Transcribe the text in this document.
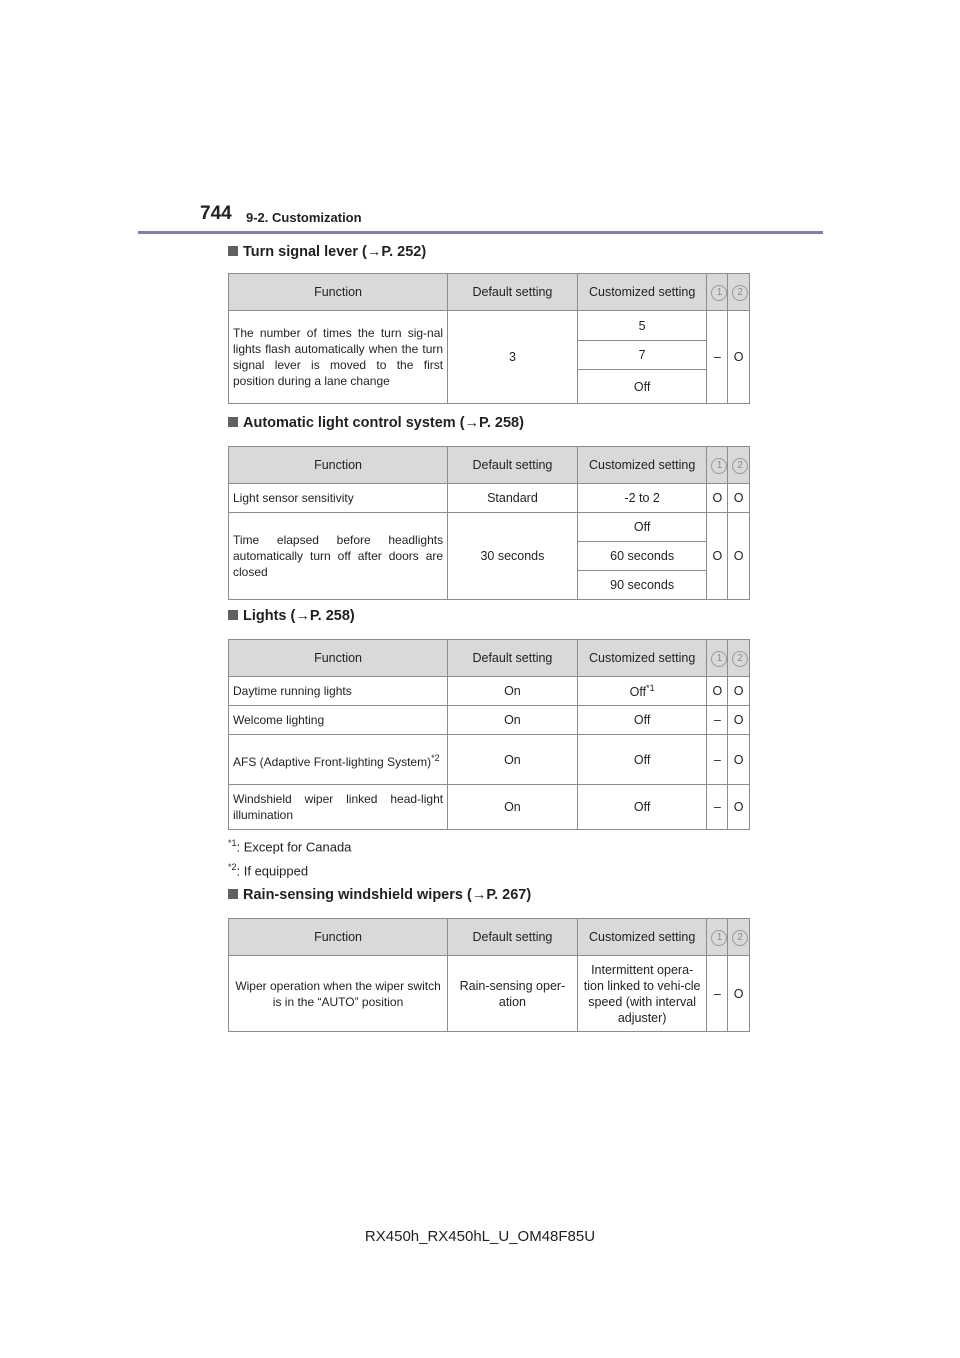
744 9-2. Customization
Turn signal lever (→P. 252)
Function	Default setting	Customized setting	1	2
The number of times the turn sig-nal lights flash automatically when the turn signal lever is moved to the first position during a lane change	3	5	–	O
		7		
		Off		
Automatic light control system (→P. 258)
Function	Default setting	Customized setting	1	2
Light sensor sensitivity	Standard	-2 to 2	O	O
Time elapsed before headlights automatically turn off after doors are closed	30 seconds	Off	O	O
		60 seconds		
		90 seconds		
Lights (→P. 258)
Function	Default setting	Customized setting	1	2
Daytime running lights	On	Off$^{*1}$	O	O
Welcome lighting	On	Off	–	O
AFS (Adaptive Front-lighting System)$^{*2}$	On	Off	–	O
Windshield wiper linked head-light illumination	On	Off	–	O
$^{*1}$: Except for Canada
$^{*2}$: If equipped
Rain-sensing windshield wipers (→P. 267)
Function	Default setting	Customized setting	1	2
Wiper operation when the wiper switch is in the “AUTO” position	Rain-sensing oper-ation	Intermittent opera-tion linked to vehi-cle speed (with interval adjuster)	–	O
RX450h_RX450hL_U_OM48F85U
